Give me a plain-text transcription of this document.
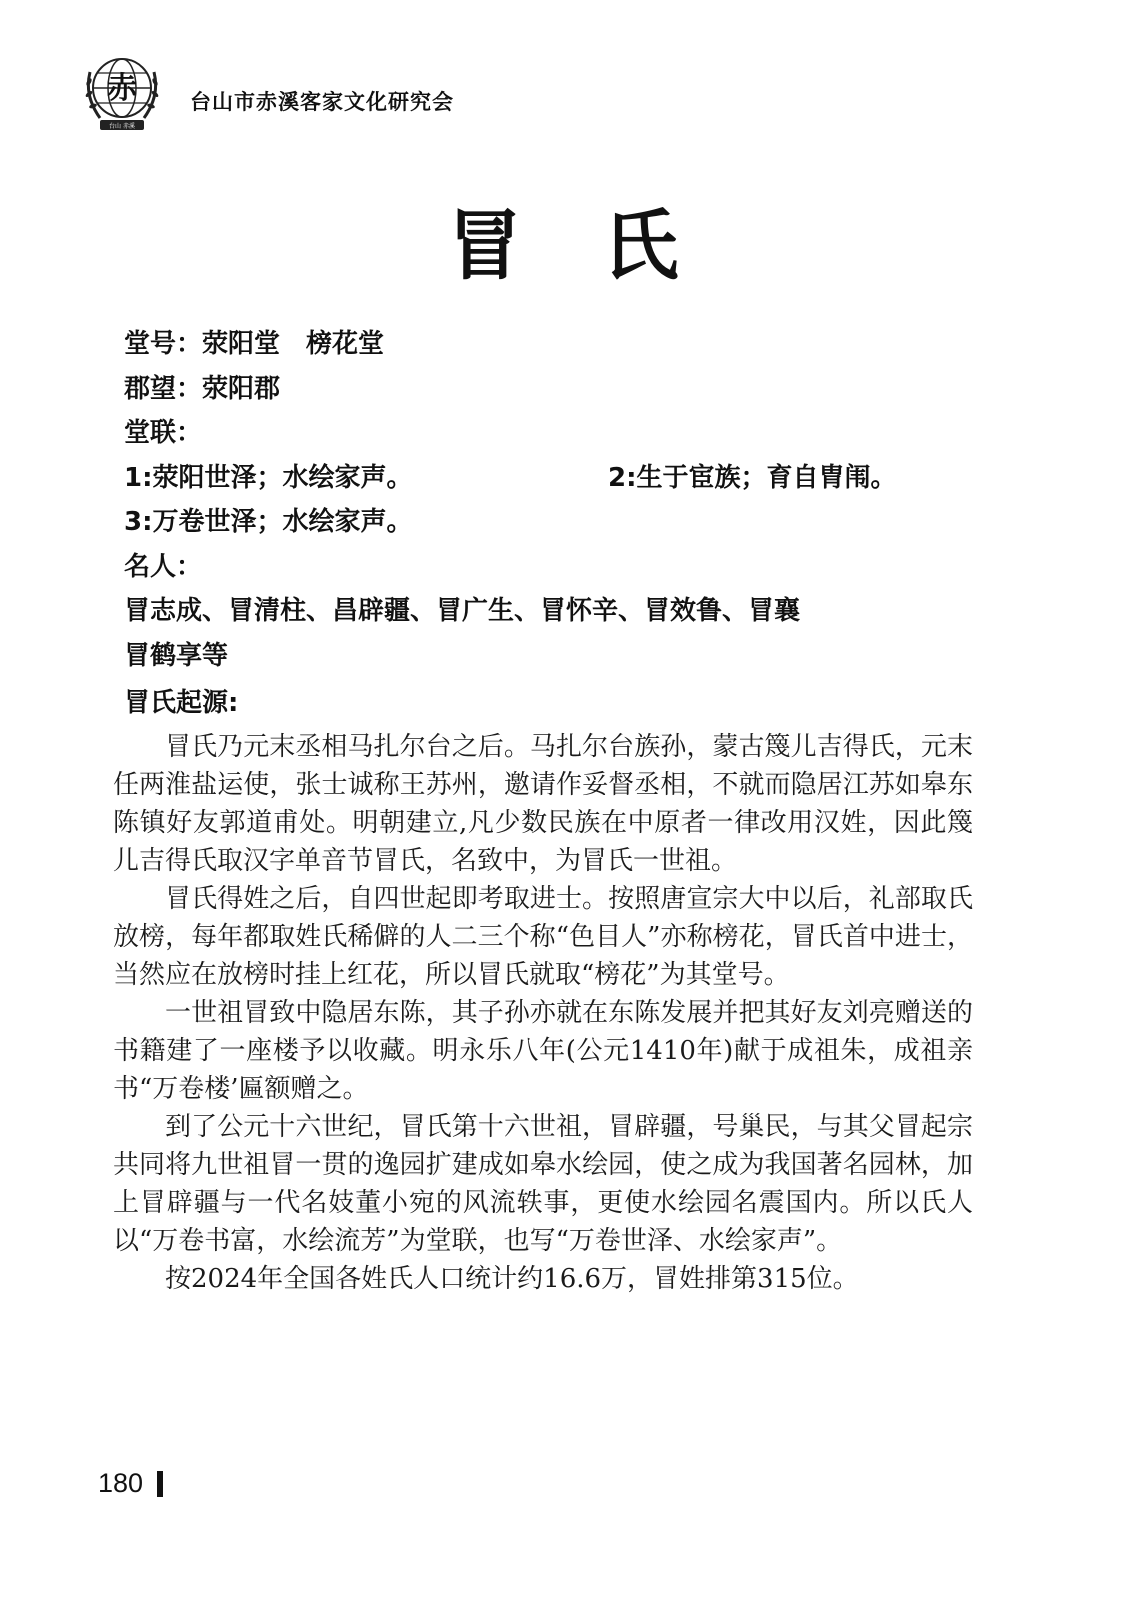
赤
台山 赤溪
台山市赤溪客家文化研究会
冒 氏
堂号：荥阳堂　榜花堂
郡望：荥阳郡
堂联：
1:荥阳世泽；水绘家声。	2:生于宦族；育自胄闱。
3:万卷世泽；水绘家声。
名人：
冒志成、冒清柱、昌辟疆、冒广生、冒怀辛、冒效鲁、冒襄
冒鹤享等
冒氏起源:

冒氏乃元末丞相马扎尔台之后。马扎尔台族孙，蒙古篾儿吉得氏，元末任两淮盐运使，张士诚称王苏州，邀请作妥督丞相，不就而隐居江苏如皋东陈镇好友郭道甫处。明朝建立,凡少数民族在中原者一律改用汉姓，因此篾儿吉得氏取汉字单音节冒氏，名致中，为冒氏一世祖。

冒氏得姓之后，自四世起即考取进士。按照唐宣宗大中以后，礼部取氏放榜，每年都取姓氏稀僻的人二三个称“色目人”亦称榜花，冒氏首中进士，当然应在放榜时挂上红花，所以冒氏就取“榜花”为其堂号。

一世祖冒致中隐居东陈，其子孙亦就在东陈发展并把其好友刘亮赠送的书籍建了一座楼予以收藏。明永乐八年(公元1410年)献于成祖朱，成祖亲书“万卷楼’匾额赠之。

到了公元十六世纪，冒氏第十六世祖，冒辟疆，号巢民，与其父冒起宗共同将九世祖冒一贯的逸园扩建成如皋水绘园，使之成为我国著名园林，加上冒辟疆与一代名妓董小宛的风流轶事，更使水绘园名震国内。所以氏人以“万卷书富，水绘流芳”为堂联，也写“万卷世泽、水绘家声”。

按2024年全国各姓氏人口统计约16.6万，冒姓排第315位。

180
